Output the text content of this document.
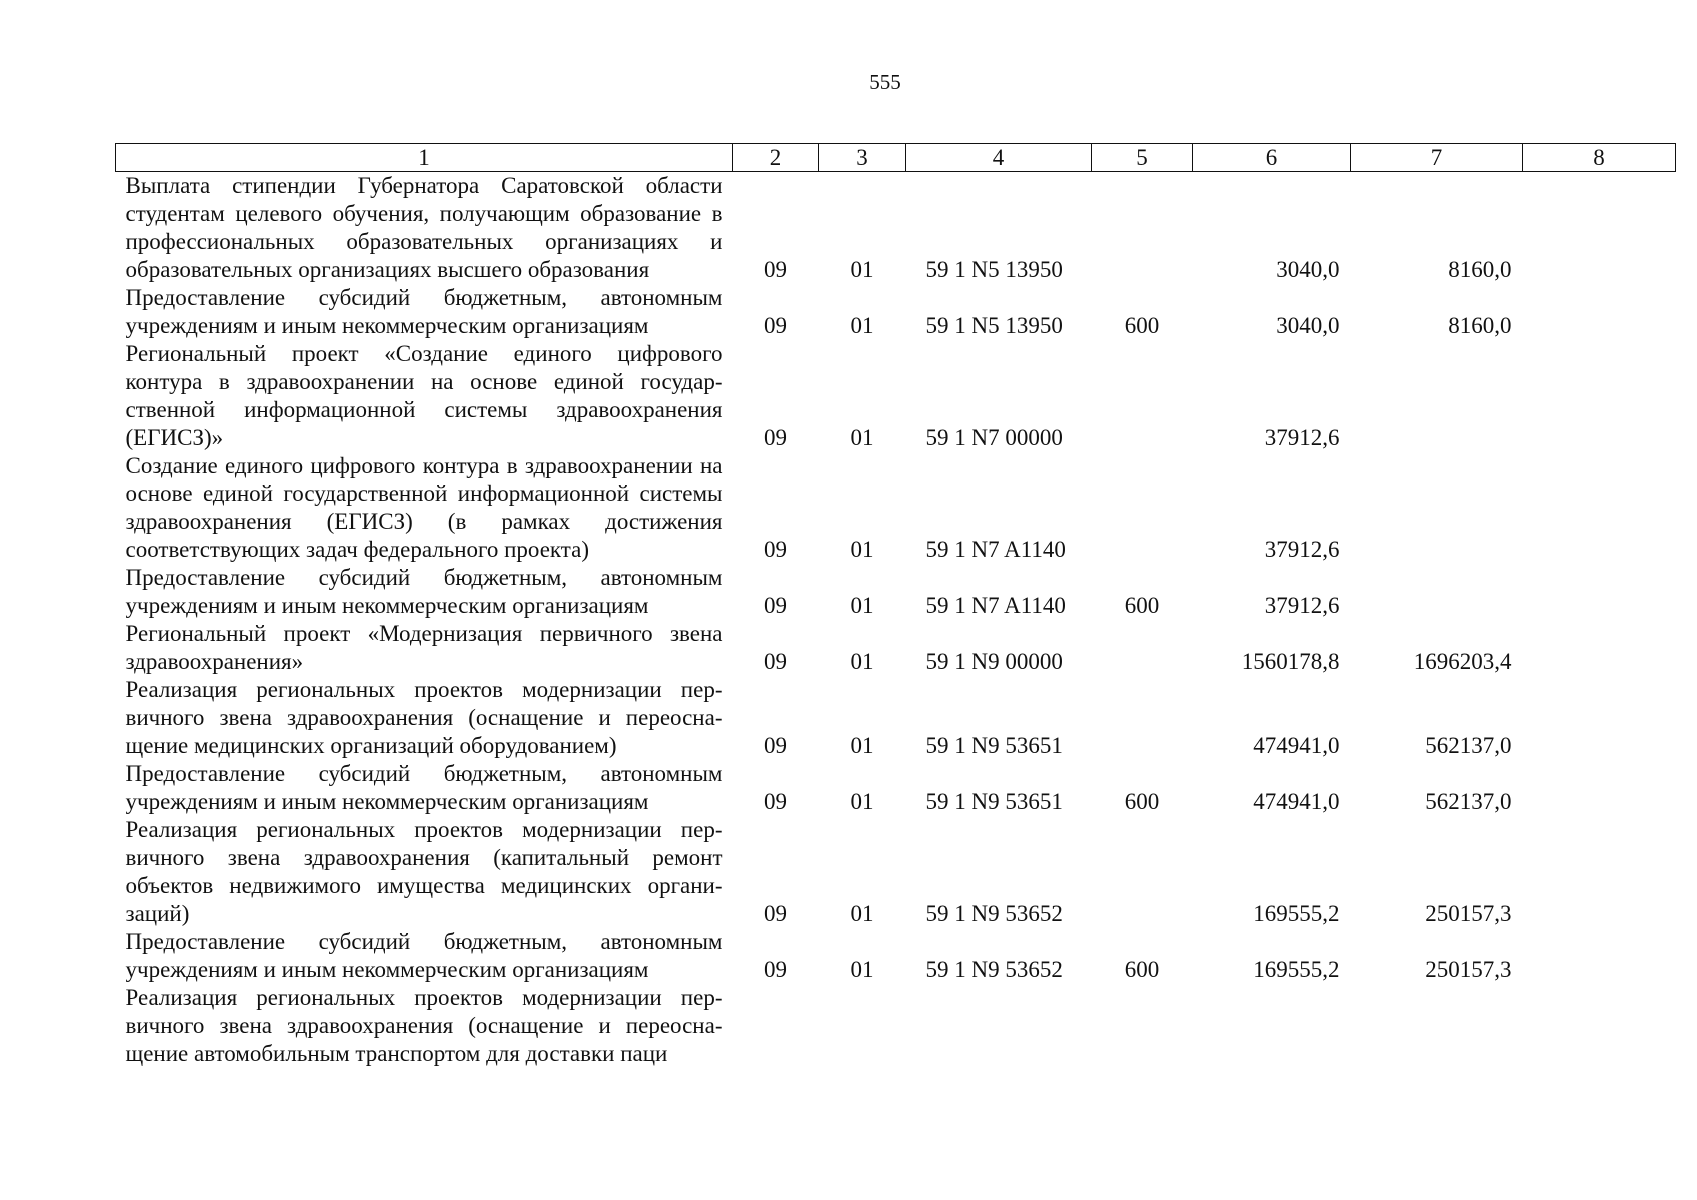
555
1	2	3	4	5	6	7	8
Выплата стипендии Губернатора Саратовской области студентам целевого обучения, получающим образование в профессиональных образовательных организациях и образовательных организациях высшего образования	09	01	59 1 N5 13950		3040,0	8160,0	
Предоставление субсидий бюджетным, автономным учреждениям и иным некоммерческим организациям	09	01	59 1 N5 13950	600	3040,0	8160,0	
Региональный проект «Создание единого цифрового контура в здравоохранении на основе единой государственной информационной системы здравоохранения (ЕГИСЗ)»	09	01	59 1 N7 00000		37912,6		
Создание единого цифрового контура в здравоохранении на основе единой государственной информационной системы здравоохранения (ЕГИСЗ) (в рамках достижения соответствующих задач федерального проекта)	09	01	59 1 N7 A1140		37912,6		
Предоставление субсидий бюджетным, автономным учреждениям и иным некоммерческим организациям	09	01	59 1 N7 A1140	600	37912,6		
Региональный проект «Модернизация первичного звена здравоохранения»	09	01	59 1 N9 00000		1560178,8	1696203,4	
Реализация региональных проектов модернизации первичного звена здравоохранения (оснащение и переоснащение медицинских организаций оборудованием)	09	01	59 1 N9 53651		474941,0	562137,0	
Предоставление субсидий бюджетным, автономным учреждениям и иным некоммерческим организациям	09	01	59 1 N9 53651	600	474941,0	562137,0	
Реализация региональных проектов модернизации первичного звена здравоохранения (капитальный ремонт объектов недвижимого имущества медицинских организаций)	09	01	59 1 N9 53652		169555,2	250157,3	
Предоставление субсидий бюджетным, автономным учреждениям и иным некоммерческим организациям	09	01	59 1 N9 53652	600	169555,2	250157,3	
Реализация региональных проектов модернизации первичного звена здравоохранения (оснащение и переоснащение автомобильным транспортом для доставки паци							
